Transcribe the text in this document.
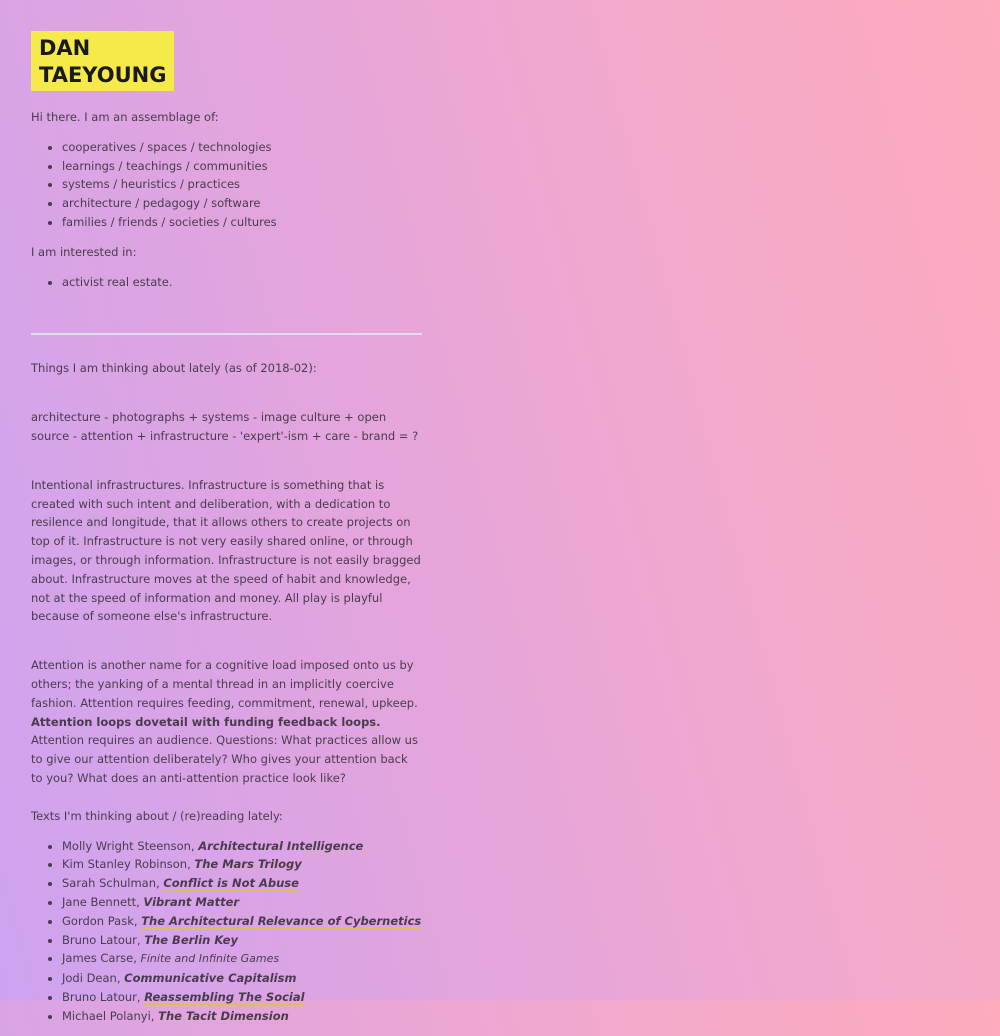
DAN
TAEYOUNG

Hi there. I am an assemblage of:

• cooperatives / spaces / technologies
• learnings / teachings / communities
• systems / heuristics / practices
• architecture / pedagogy / software
• families / friends / societies / cultures

I am interested in:

• activist real estate.

Things I am thinking about lately (as of 2018-02):

architecture - photographs + systems - image culture + open source - attention + infrastructure - 'expert'-ism + care - brand = ?

Intentional infrastructures. Infrastructure is something that is created with such intent and deliberation, with a dedication to resilence and longitude, that it allows others to create projects on top of it. Infrastructure is not very easily shared online, or through images, or through information. Infrastructure is not easily bragged about. Infrastructure moves at the speed of habit and knowledge, not at the speed of information and money. All play is playful because of someone else's infrastructure.

Attention is another name for a cognitive load imposed onto us by others; the yanking of a mental thread in an implicitly coercive fashion. Attention requires feeding, commitment, renewal, upkeep. Attention loops dovetail with funding feedback loops. Attention requires an audience. Questions: What practices allow us to give our attention deliberately? Who gives your attention back to you? What does an anti-attention practice look like?

Texts I'm thinking about / (re)reading lately:

• Molly Wright Steenson, Architectural Intelligence
• Kim Stanley Robinson, The Mars Trilogy
• Sarah Schulman, Conflict is Not Abuse
• Jane Bennett, Vibrant Matter
• Gordon Pask, The Architectural Relevance of Cybernetics
• Bruno Latour, The Berlin Key
• James Carse, Finite and Infinite Games
• Jodi Dean, Communicative Capitalism
• Bruno Latour, Reassembling The Social
• Michael Polanyi, The Tacit Dimension
